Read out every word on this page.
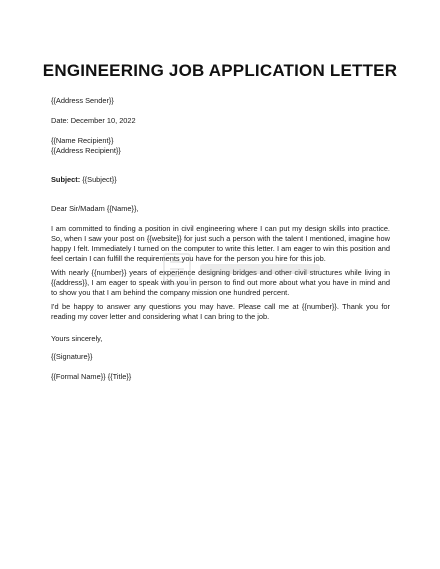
ENGINEERING JOB APPLICATION LETTER
{{Address Sender}}
Date: December 10, 2022
{{Name Recipient}}
{{Address Recipient}}
Subject: {{Subject}}
Dear Sir/Madam {{Name}},
I am committed to finding a position in civil engineering where I can put my design skills into practice. So, when I saw your post on {{website}} for just such a person with the talent I mentioned, imagine how happy I felt. Immediately I turned on the computer to write this letter. I am eager to win this position and feel certain I can fulfill the requirements you have for the person you hire for this job.
With nearly {{number}} years of experience designing bridges and other civil structures while living in {{address}}, I am eager to speak with you in person to find out more about what you have in mind and to show you that I am behind the company mission one hundred percent.
I'd be happy to answer any questions you may have. Please call me at {{number}}. Thank you for reading my cover letter and considering what I can bring to the job.
Yours sincerely,
{{Signature}}
{{Formal Name}} {{Title}}
